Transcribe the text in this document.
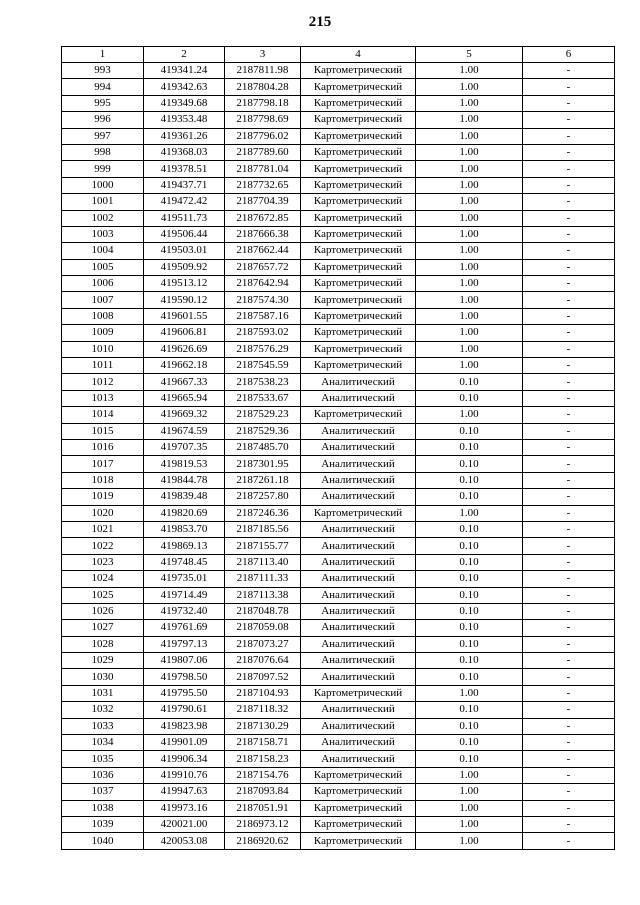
215
1	2	3	4	5	6
993	419341.24	2187811.98	Картометрический	1.00	-
994	419342.63	2187804.28	Картометрический	1.00	-
995	419349.68	2187798.18	Картометрический	1.00	-
996	419353.48	2187798.69	Картометрический	1.00	-
997	419361.26	2187796.02	Картометрический	1.00	-
998	419368.03	2187789.60	Картометрический	1.00	-
999	419378.51	2187781.04	Картометрический	1.00	-
1000	419437.71	2187732.65	Картометрический	1.00	-
1001	419472.42	2187704.39	Картометрический	1.00	-
1002	419511.73	2187672.85	Картометрический	1.00	-
1003	419506.44	2187666.38	Картометрический	1.00	-
1004	419503.01	2187662.44	Картометрический	1.00	-
1005	419509.92	2187657.72	Картометрический	1.00	-
1006	419513.12	2187642.94	Картометрический	1.00	-
1007	419590.12	2187574.30	Картометрический	1.00	-
1008	419601.55	2187587.16	Картометрический	1.00	-
1009	419606.81	2187593.02	Картометрический	1.00	-
1010	419626.69	2187576.29	Картометрический	1.00	-
1011	419662.18	2187545.59	Картометрический	1.00	-
1012	419667.33	2187538.23	Аналитический	0.10	-
1013	419665.94	2187533.67	Аналитический	0.10	-
1014	419669.32	2187529.23	Картометрический	1.00	-
1015	419674.59	2187529.36	Аналитический	0.10	-
1016	419707.35	2187485.70	Аналитический	0.10	-
1017	419819.53	2187301.95	Аналитический	0.10	-
1018	419844.78	2187261.18	Аналитический	0.10	-
1019	419839.48	2187257.80	Аналитический	0.10	-
1020	419820.69	2187246.36	Картометрический	1.00	-
1021	419853.70	2187185.56	Аналитический	0.10	-
1022	419869.13	2187155.77	Аналитический	0.10	-
1023	419748.45	2187113.40	Аналитический	0.10	-
1024	419735.01	2187111.33	Аналитический	0.10	-
1025	419714.49	2187113.38	Аналитический	0.10	-
1026	419732.40	2187048.78	Аналитический	0.10	-
1027	419761.69	2187059.08	Аналитический	0.10	-
1028	419797.13	2187073.27	Аналитический	0.10	-
1029	419807.06	2187076.64	Аналитический	0.10	-
1030	419798.50	2187097.52	Аналитический	0.10	-
1031	419795.50	2187104.93	Картометрический	1.00	-
1032	419790.61	2187118.32	Аналитический	0.10	-
1033	419823.98	2187130.29	Аналитический	0.10	-
1034	419901.09	2187158.71	Аналитический	0.10	-
1035	419906.34	2187158.23	Аналитический	0.10	-
1036	419910.76	2187154.76	Картометрический	1.00	-
1037	419947.63	2187093.84	Картометрический	1.00	-
1038	419973.16	2187051.91	Картометрический	1.00	-
1039	420021.00	2186973.12	Картометрический	1.00	-
1040	420053.08	2186920.62	Картометрический	1.00	-
